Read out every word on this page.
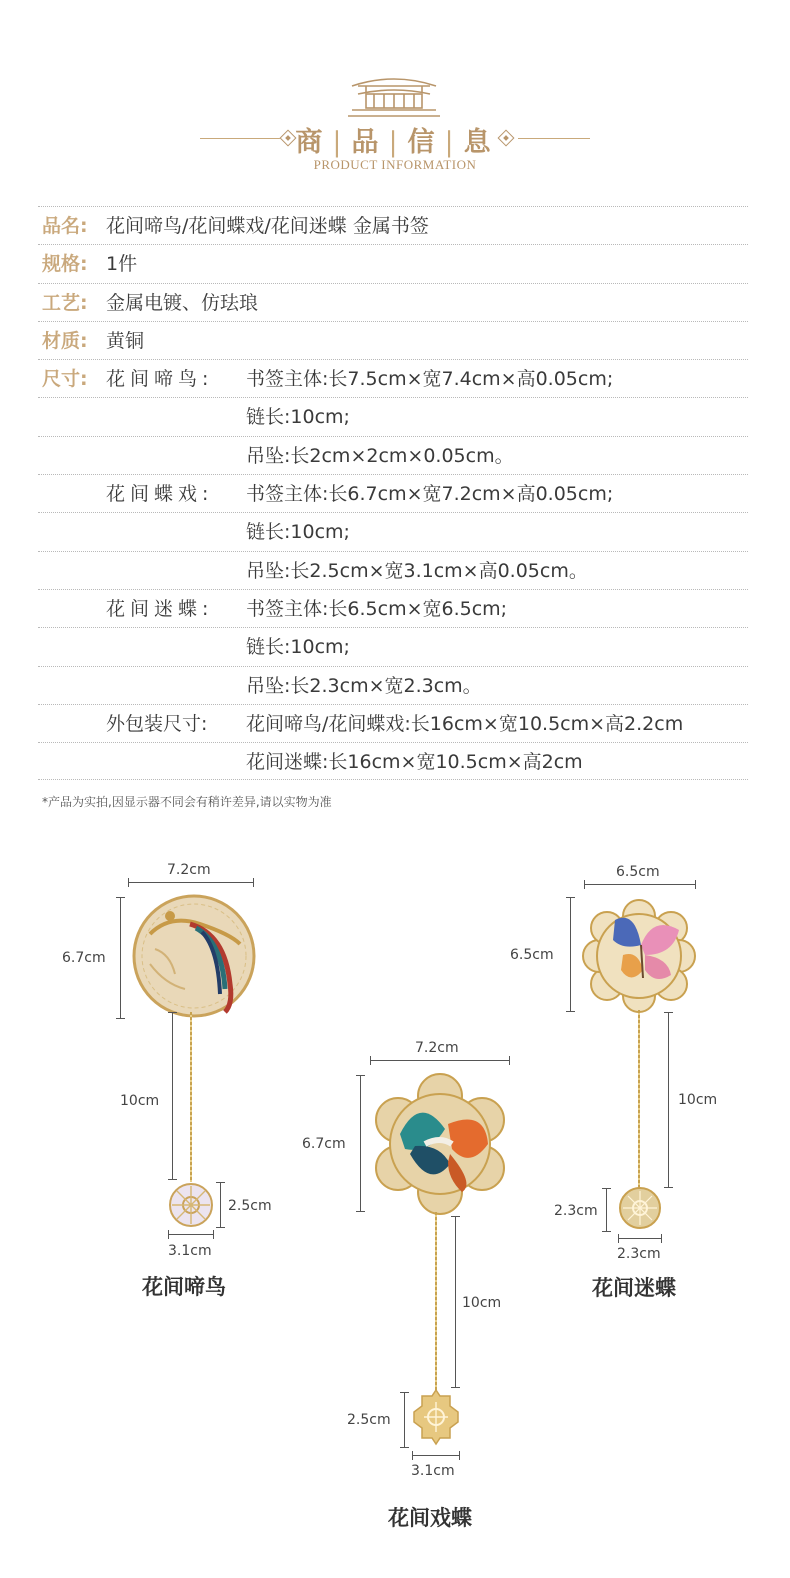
商 | 品 | 信 | 息
PRODUCT INFORMATION
品名: 花间啼鸟/花间蝶戏/花间迷蝶 金属书签
规格: 1件
工艺: 金属电镀、仿珐琅
材质: 黄铜
尺寸: 花间啼鸟: 书签主体:长7.5cm×宽7.4cm×高0.05cm;
链长:10cm;
吊坠:长2cm×2cm×0.05cm。
花间蝶戏: 书签主体:长6.7cm×宽7.2cm×高0.05cm;
链长:10cm;
吊坠:长2.5cm×宽3.1cm×高0.05cm。
花间迷蝶: 书签主体:长6.5cm×宽6.5cm;
链长:10cm;
吊坠:长2.3cm×宽2.3cm。
外包装尺寸: 花间啼鸟/花间蝶戏:长16cm×宽10.5cm×高2.2cm
花间迷蝶:长16cm×宽10.5cm×高2cm
*产品为实拍,因显示器不同会有稍许差异,请以实物为准
7.2cm
6.7cm
10cm
2.5cm
3.1cm
花间啼鸟
7.2cm
6.7cm
10cm
2.5cm
3.1cm
花间戏蝶
6.5cm
6.5cm
10cm
2.3cm
2.3cm
花间迷蝶
